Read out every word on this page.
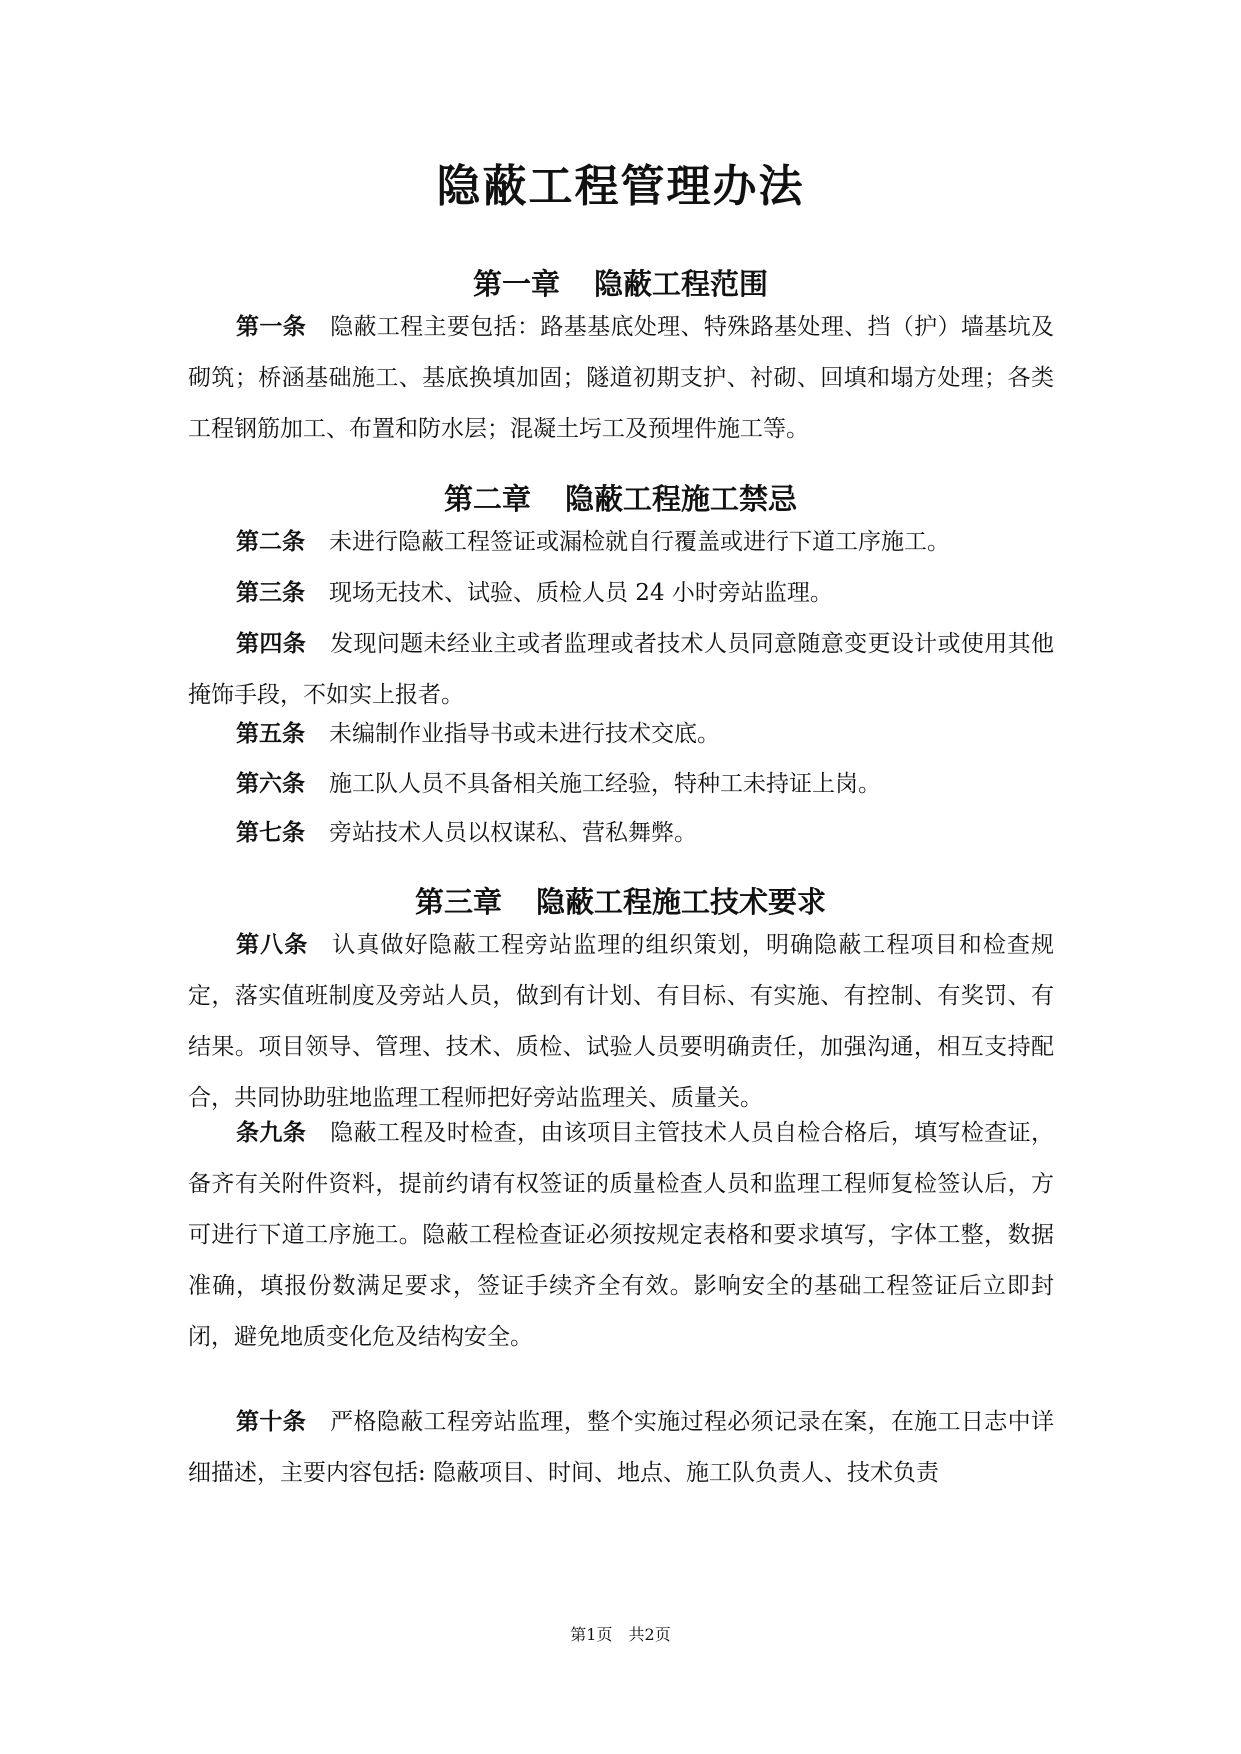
隐蔽工程管理办法
第一章 隐蔽工程范围

第一条 隐蔽工程主要包括：路基基底处理、特殊路基处理、挡（护）墙基坑及砌筑；桥涵基础施工、基底换填加固；隧道初期支护、衬砌、回填和塌方处理；各类工程钢筋加工、布置和防水层；混凝土圬工及预埋件施工等。

第二章 隐蔽工程施工禁忌

第二条 未进行隐蔽工程签证或漏检就自行覆盖或进行下道工序施工。

第三条 现场无技术、试验、质检人员 24 小时旁站监理。

第四条 发现问题未经业主或者监理或者技术人员同意随意变更设计或使用其他掩饰手段，不如实上报者。

第五条 未编制作业指导书或未进行技术交底。

第六条 施工队人员不具备相关施工经验，特种工未持证上岗。

第七条 旁站技术人员以权谋私、营私舞弊。

第三章 隐蔽工程施工技术要求

第八条 认真做好隐蔽工程旁站监理的组织策划，明确隐蔽工程项目和检查规定，落实值班制度及旁站人员，做到有计划、有目标、有实施、有控制、有奖罚、有结果。项目领导、管理、技术、质检、试验人员要明确责任，加强沟通，相互支持配合，共同协助驻地监理工程师把好旁站监理关、质量关。

条九条 隐蔽工程及时检查，由该项目主管技术人员自检合格后，填写检查证，备齐有关附件资料，提前约请有权签证的质量检查人员和监理工程师复检签认后，方可进行下道工序施工。隐蔽工程检查证必须按规定表格和要求填写，字体工整，数据准确，填报份数满足要求，签证手续齐全有效。影响安全的基础工程签证后立即封闭，避免地质变化危及结构安全。

第十条 严格隐蔽工程旁站监理，整个实施过程必须记录在案，在施工日志中详细描述，主要内容包括: 隐蔽项目、时间、地点、施工队负责人、技术负责

第1页　共2页
